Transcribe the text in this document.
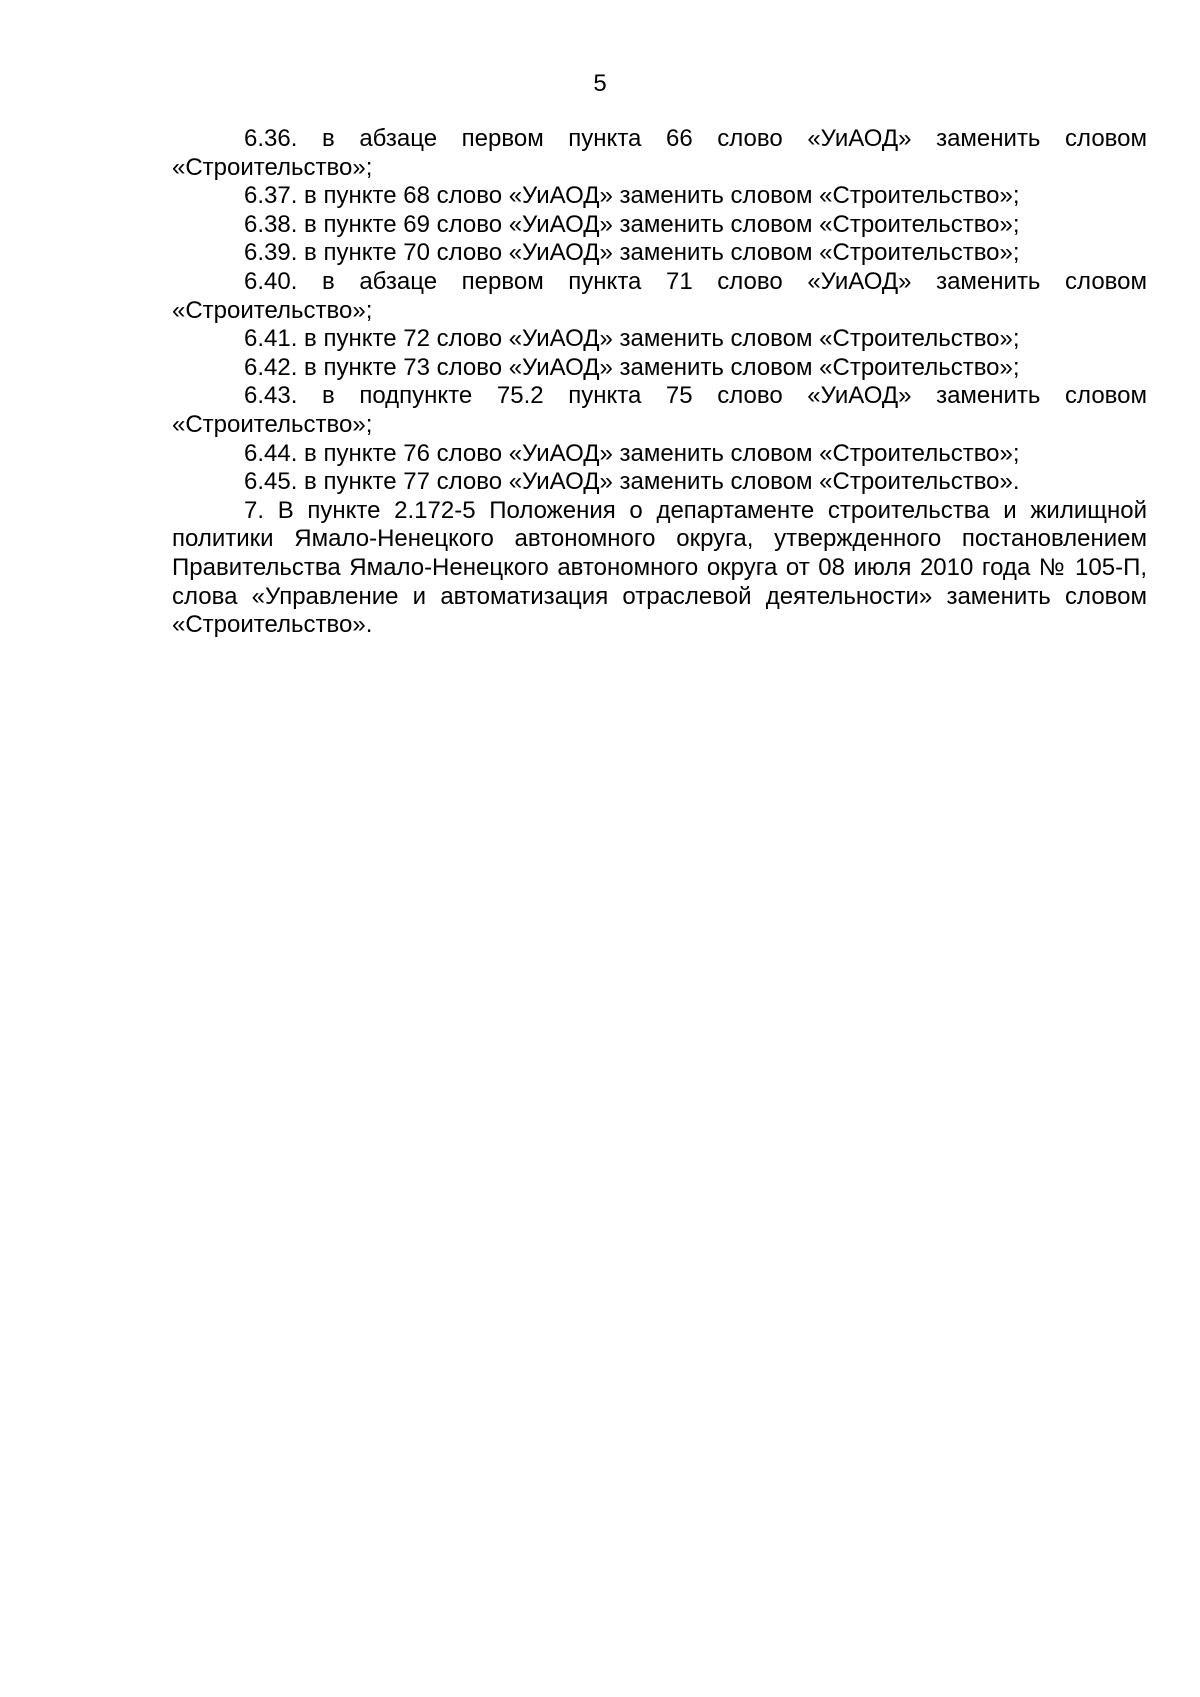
5

6.36. в абзаце первом пункта 66 слово «УиАОД» заменить словом «Строительство»;

6.37. в пункте 68 слово «УиАОД» заменить словом «Строительство»;

6.38. в пункте 69 слово «УиАОД» заменить словом «Строительство»;

6.39. в пункте 70 слово «УиАОД» заменить словом «Строительство»;

6.40. в абзаце первом пункта 71 слово «УиАОД» заменить словом «Строительство»;

6.41. в пункте 72 слово «УиАОД» заменить словом «Строительство»;

6.42. в пункте 73 слово «УиАОД» заменить словом «Строительство»;

6.43. в подпункте 75.2 пункта 75 слово «УиАОД» заменить словом «Строительство»;

6.44. в пункте 76 слово «УиАОД» заменить словом «Строительство»;

6.45. в пункте 77 слово «УиАОД» заменить словом «Строительство».

7. В пункте 2.172-5 Положения о департаменте строительства и жилищной политики Ямало-Ненецкого автономного округа, утвержденного постановлением Правительства Ямало-Ненецкого автономного округа от 08 июля 2010 года № 105-П, слова «Управление и автоматизация отраслевой деятельности» заменить словом «Строительство».
